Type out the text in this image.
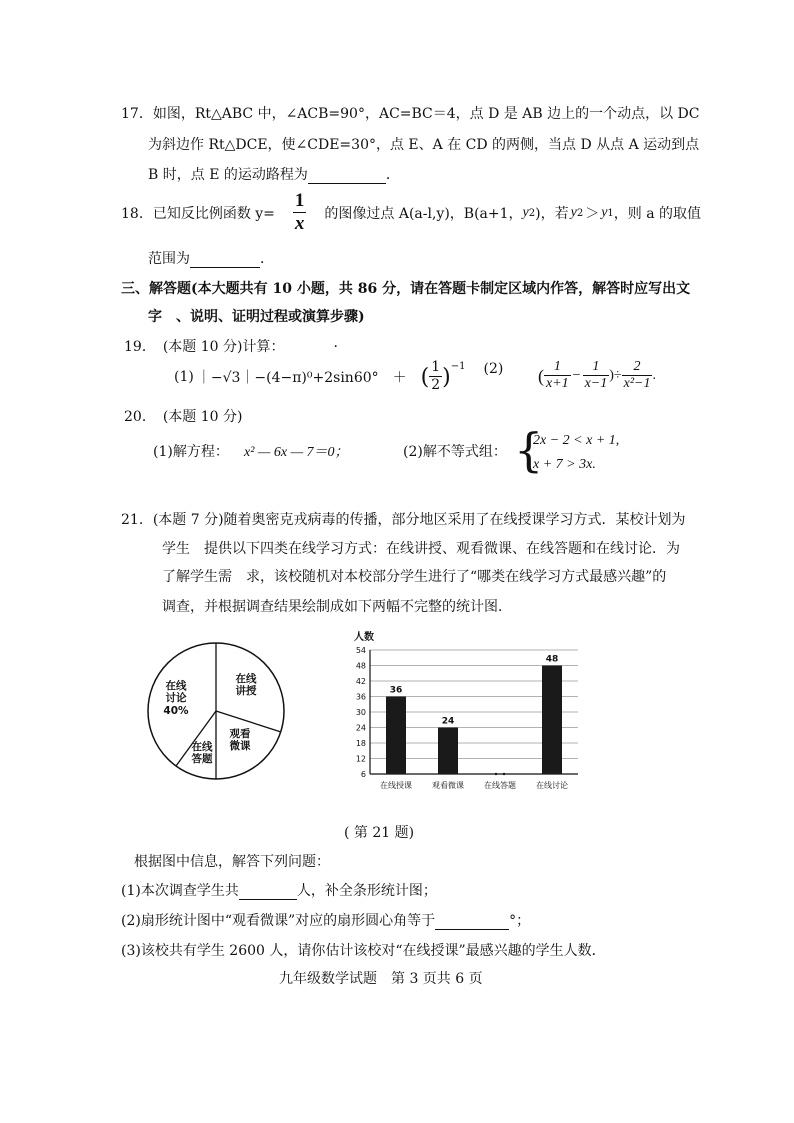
17．如图，Rt△ABC 中，∠ACB=90°，AC=BC＝4，点 D 是 AB 边上的一个动点，以 DC
为斜边作 Rt△DCE，使∠CDE=30°，点 E、A 在 CD 的两侧，当点 D 从点 A 运动到点
B 时，点 E 的运动路程为	．
18．已知反比例函数 $y= \frac{1}{x}$ 的图像过点 A(a-l,y)，B(a+1， y 2 )，若 y 2 ＞ y 1 ，则 a 的取值
范围为	．
三、解答题(本大题共有 10 小题，共 86 分，请在答题卡制定区域内作答，解答时应写出文
字　、说明、证明过程或演算步骤)
19．　(本题 10 分)计算：　　　　·
(1) ｜−√3｜−(4−π)⁰+2sin60°　＋　 ( $\frac{1}{2} )^{-1}$ (2) ( $\frac{1}{x+1} - \frac{1}{x-1}$ )÷ $\frac{2}{\text{x²−1}}$ .
20．　(本题 10 分)
(1)解方程： x² — 6x — 7＝0；	(2)解不等式组： {
2x − 2 < x + 1,
x + 7 > 3x.
21．(本题 7 分)随着奥密克戎病毒的传播，部分地区采用了在线授课学习方式．某校计划为
学生　提供以下四类在线学习方式：在线讲授、观看微课、在线答题和在线讨论．为
了解学生需　求，该校随机对本校部分学生进行了“哪类在线学习方式最感兴趣”的
调查，并根据调查结果绘制成如下两幅不完整的统计图．
在线
讨论
40%
在线
讲授
观看
微课
在线
答题
人数
6
12
18
24
30
36
42
48
54
36
在线授课
24
观看微课	在线答题
48
在线讨论
( 第 21 题)
根据图中信息，解答下列问题：
(1)本次调查学生共	人，补全条形统计图；
(2)扇形统计图中“观看微课”对应的扇形圆心角等于	°；
(3)该校共有学生 2600 人，请你估计该校对“在线授课”最感兴趣的学生人数．
九年级数学试题　第 3 页共 6 页
